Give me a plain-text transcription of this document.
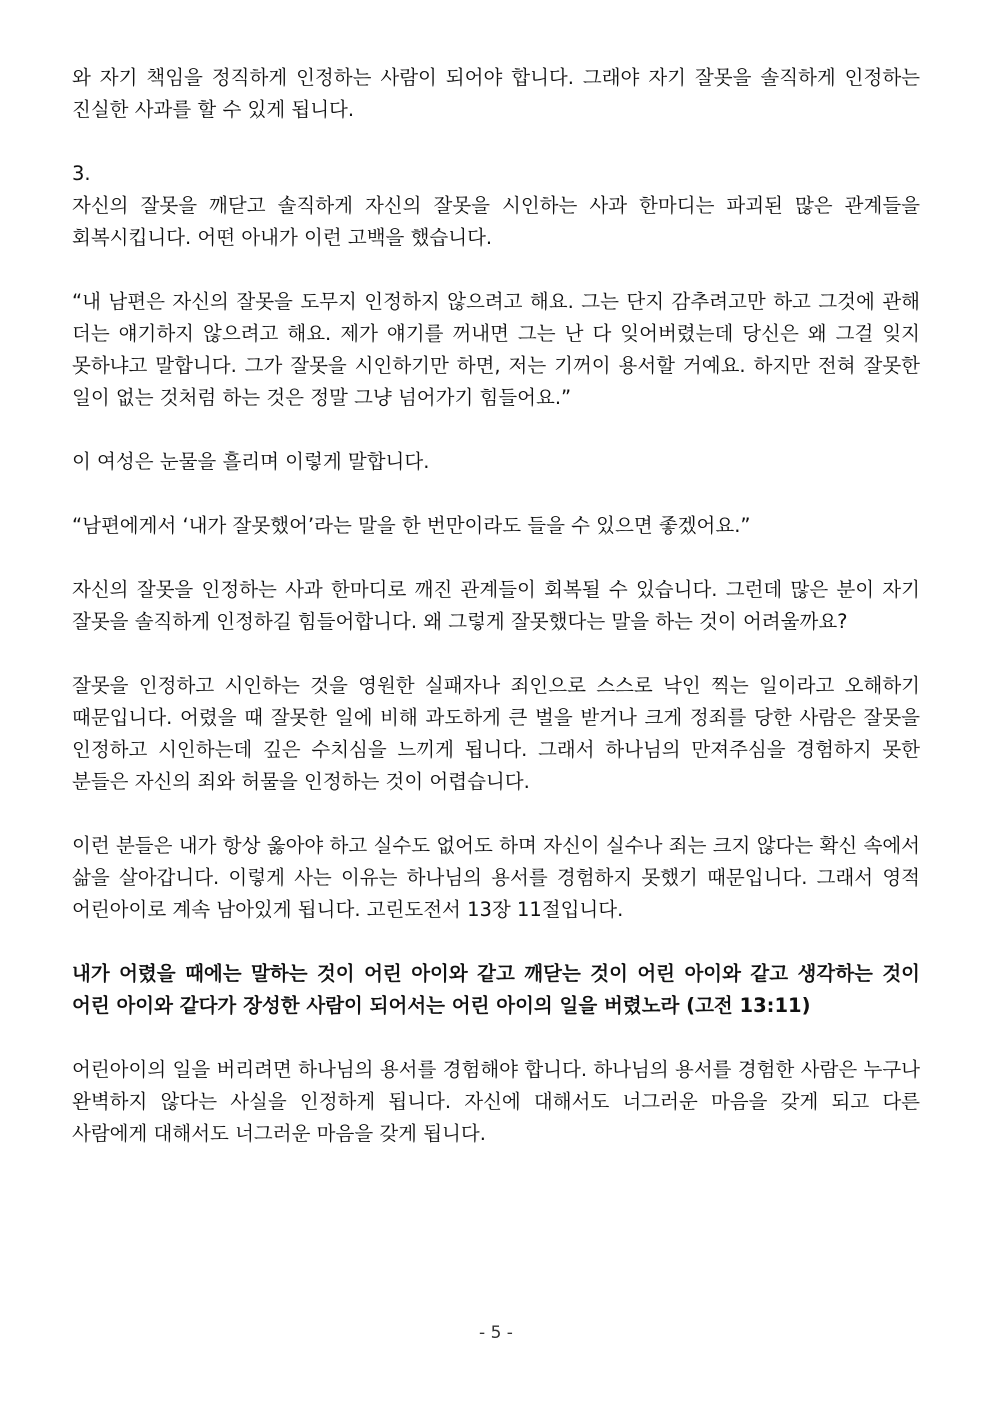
와 자기 책임을 정직하게 인정하는 사람이 되어야 합니다. 그래야 자기 잘못을 솔직하게 인정하는 진실한 사과를 할 수 있게 됩니다.

3.

자신의 잘못을 깨닫고 솔직하게 자신의 잘못을 시인하는 사과 한마디는 파괴된 많은 관계들을 회복시킵니다. 어떤 아내가 이런 고백을 했습니다.

“내 남편은 자신의 잘못을 도무지 인정하지 않으려고 해요. 그는 단지 감추려고만 하고 그것에 관해 더는 얘기하지 않으려고 해요. 제가 얘기를 꺼내면 그는 난 다 잊어버렸는데 당신은 왜 그걸 잊지 못하냐고 말합니다. 그가 잘못을 시인하기만 하면, 저는 기꺼이 용서할 거예요. 하지만 전혀 잘못한 일이 없는 것처럼 하는 것은 정말 그냥 넘어가기 힘들어요.”

이 여성은 눈물을 흘리며 이렇게 말합니다.

“남편에게서 ‘내가 잘못했어’라는 말을 한 번만이라도 들을 수 있으면 좋겠어요.”

자신의 잘못을 인정하는 사과 한마디로 깨진 관계들이 회복될 수 있습니다. 그런데 많은 분이 자기 잘못을 솔직하게 인정하길 힘들어합니다. 왜 그렇게 잘못했다는 말을 하는 것이 어려울까요?

잘못을 인정하고 시인하는 것을 영원한 실패자나 죄인으로 스스로 낙인 찍는 일이라고 오해하기 때문입니다. 어렸을 때 잘못한 일에 비해 과도하게 큰 벌을 받거나 크게 정죄를 당한 사람은 잘못을 인정하고 시인하는데 깊은 수치심을 느끼게 됩니다. 그래서 하나님의 만져주심을 경험하지 못한 분들은 자신의 죄와 허물을 인정하는 것이 어렵습니다.

이런 분들은 내가 항상 옳아야 하고 실수도 없어도 하며 자신이 실수나 죄는 크지 않다는 확신 속에서 삶을 살아갑니다. 이렇게 사는 이유는 하나님의 용서를 경험하지 못했기 때문입니다. 그래서 영적 어린아이로 계속 남아있게 됩니다. 고린도전서 13장 11절입니다.

내가 어렸을 때에는 말하는 것이 어린 아이와 같고 깨닫는 것이 어린 아이와 같고 생각하는 것이 어린 아이와 같다가 장성한 사람이 되어서는 어린 아이의 일을 버렸노라 (고전 13:11)

어린아이의 일을 버리려면 하나님의 용서를 경험해야 합니다. 하나님의 용서를 경험한 사람은 누구나 완벽하지 않다는 사실을 인정하게 됩니다. 자신에 대해서도 너그러운 마음을 갖게 되고 다른 사람에게 대해서도 너그러운 마음을 갖게 됩니다.

- 5 -
